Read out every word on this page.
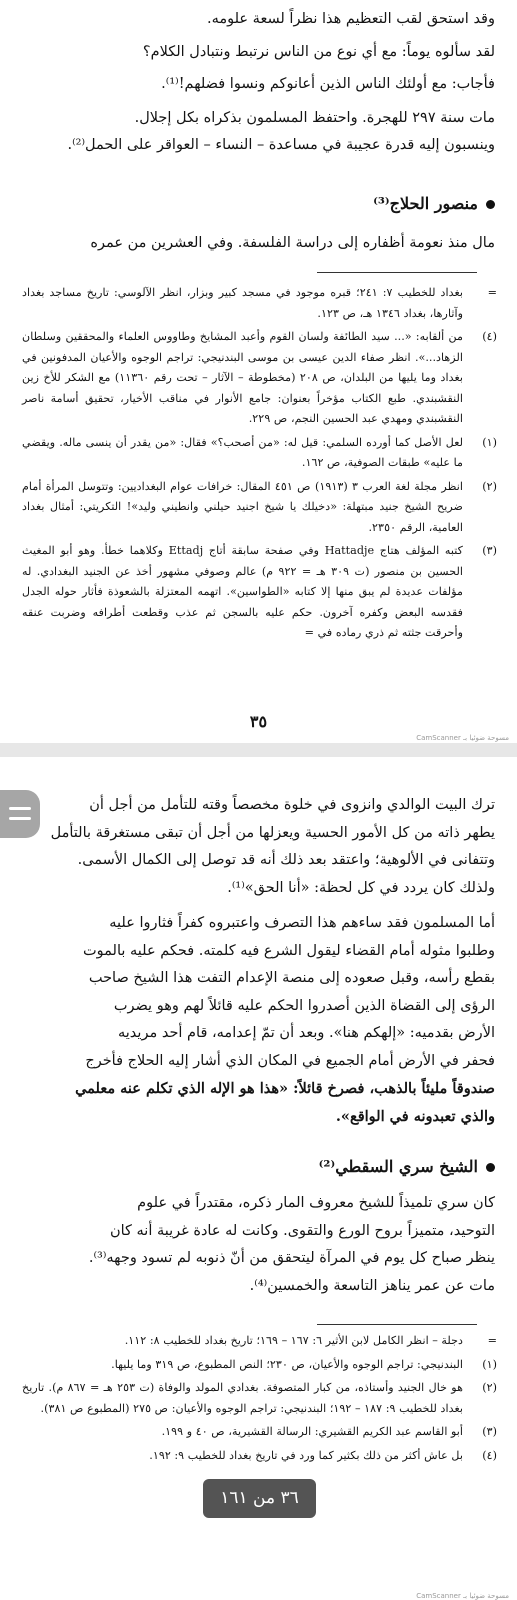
وقد استحق لقب التعظيم هذا نظراً لسعة علومه.
لقد سألوه يوماً: مع أي نوع من الناس نرتبط ونتبادل الكلام؟
فأجاب: مع أولئك الناس الذين أعانوكم ونسوا فضلهم!⁽¹⁾.
مات سنة ٢٩٧ للهجرة. واحتفظ المسلمون بذكراه بكل إجلال.
وينسبون إليه قدرة عجيبة في مساعدة – النساء – العواقر على الحمل⁽²⁾.
منصور الحلاج⁽³⁾
مال منذ نعومة أظفاره إلى دراسة الفلسفة. وفي العشرين من عمره
=
بغداد للخطيب ٧: ٢٤١؛ قبره موجود في مسجد كبير وبزار، انظر الآلوسي: تاريخ مساجد بغداد وآثارها، بغداد ١٣٤٦ هـ، ص ١٢٣.
(٤)
من ألقابه: «... سيد الطائفة ولسان القوم وأعبد المشايخ وطاووس العلماء والمحققين وسلطان الزهاد...». انظر صفاء الدين عيسى بن موسى البندنيجي: تراجم الوجوه والأعيان المدفونين في بغداد وما يليها من البلدان، ص ٢٠٨ (مخطوطة – الآثار – تحت رقم ١١٣٦٠) مع الشكر للأخ زين النقشبندي. طبع الكتاب مؤخراً بعنوان: جامع الأنوار في مناقب الأخيار، تحقيق أسامة ناصر النقشبندي ومهدي عبد الحسين النجم، ص ٢٢٩.
(١)
لعل الأصل كما أورده السلمي: قيل له: «من أصحب؟» فقال: «من يقدر أن ينسى ماله. ويقضي ما عليه» طبقات الصوفية، ص ١٦٢.
(٢)
انظر مجلة لغة العرب ٣ (١٩١٣) ص ٤٥١ المقال: خرافات عوام البغداديين: وتتوسل المرأة أمام ضريح الشيخ جنيد مبتهلة: «دخيلك يا شيخ اجنيد حيلني وانطيني وليد»! التكريتي: أمثال بغداد العامية، الرقم ٢٣٥٠.
(٣)
كتبه المؤلف هتاج Hattadje وفي صفحة سابقة أتاج Ettadj وكلاهما خطأ. وهو أبو المغيث الحسين بن منصور (ت ٣٠٩ هـ = ٩٢٢ م) عالم وصوفي مشهور أخذ عن الجنيد البغدادي. له مؤلفات عديدة لم يبق منها إلا كتابه «الطواسين». اتهمه المعتزلة بالشعوذة فأثار حوله الجدل فقدسه البعض وكفره آخرون. حكم عليه بالسجن ثم عذب وقطعت أطرافه وضربت عنقه وأحرقت جثته ثم ذري رماده في =
٣٥
CamScanner مسوحة ضوئيا بـ
ترك البيت الوالدي وانزوى في خلوة مخصصاً وقته للتأمل من أجل أن
يطهر ذاته من كل الأمور الحسية ويعزلها من أجل أن تبقى مستغرقة بالتأمل
وتتفانى في الألوهية؛ واعتقد بعد ذلك أنه قد توصل إلى الكمال الأسمى.
ولذلك كان يردد في كل لحظة: «أنا الحق»⁽¹⁾.
أما المسلمون فقد ساءهم هذا التصرف واعتبروه كفراً فثاروا عليه
وطلبوا مثوله أمام القضاء ليقول الشرع فيه كلمته. فحكم عليه بالموت
بقطع رأسه، وقبل صعوده إلى منصة الإعدام التفت هذا الشيخ صاحب
الرؤى إلى القضاة الذين أصدروا الحكم عليه قائلاً لهم وهو يضرب
الأرض بقدميه: «إلهكم هنا». وبعد أن تمّ إعدامه، قام أحد مريديه
فحفر في الأرض أمام الجميع في المكان الذي أشار إليه الحلاج فأخرج
صندوقاً مليئاً بالذهب، فصرخ قائلاً: «هذا هو الإله الذي تكلم عنه معلمي
والذي تعبدونه في الواقع».
الشيخ سري السقطي⁽²⁾
كان سري تلميذاً للشيخ معروف المار ذكره، مقتدراً في علوم
التوحيد، متميزاً بروح الورع والتقوى. وكانت له عادة غريبة أنه كان
ينظر صباح كل يوم في المرآة ليتحقق من أنّ ذنوبه لم تسود وجهه⁽³⁾.
مات عن عمر يناهز التاسعة والخمسين⁽⁴⁾.
=
دجلة – انظر الكامل لابن الأثير ٦: ١٦٧ – ١٦٩؛ تاريخ بغداد للخطيب ٨: ١١٢.
(١)
البندنيجي: تراجم الوجوه والأعيان، ص ٢٣٠؛ النص المطبوع، ص ٣١٩ وما يليها.
(٢)
هو خال الجنيد وأستاذه، من كبار المتصوفة. بغدادي المولد والوفاة (ت ٢٥٣ هـ = ٨٦٧ م). تاريخ بغداد للخطيب ٩: ١٨٧ – ١٩٢؛ البندنيجي: تراجم الوجوه والأعيان: ص ٢٧٥ (المطبوع ص ٣٨١).
(٣)
أبو القاسم عبد الكريم القشيري: الرسالة القشيرية، ص ٤٠ و ١٩٩.
(٤)
بل عاش أكثر من ذلك بكثير كما ورد في تاريخ بغداد للخطيب ٩: ١٩٢.
CamScanner مسوحة ضوئيا بـ
٣٦ من ١٦١
